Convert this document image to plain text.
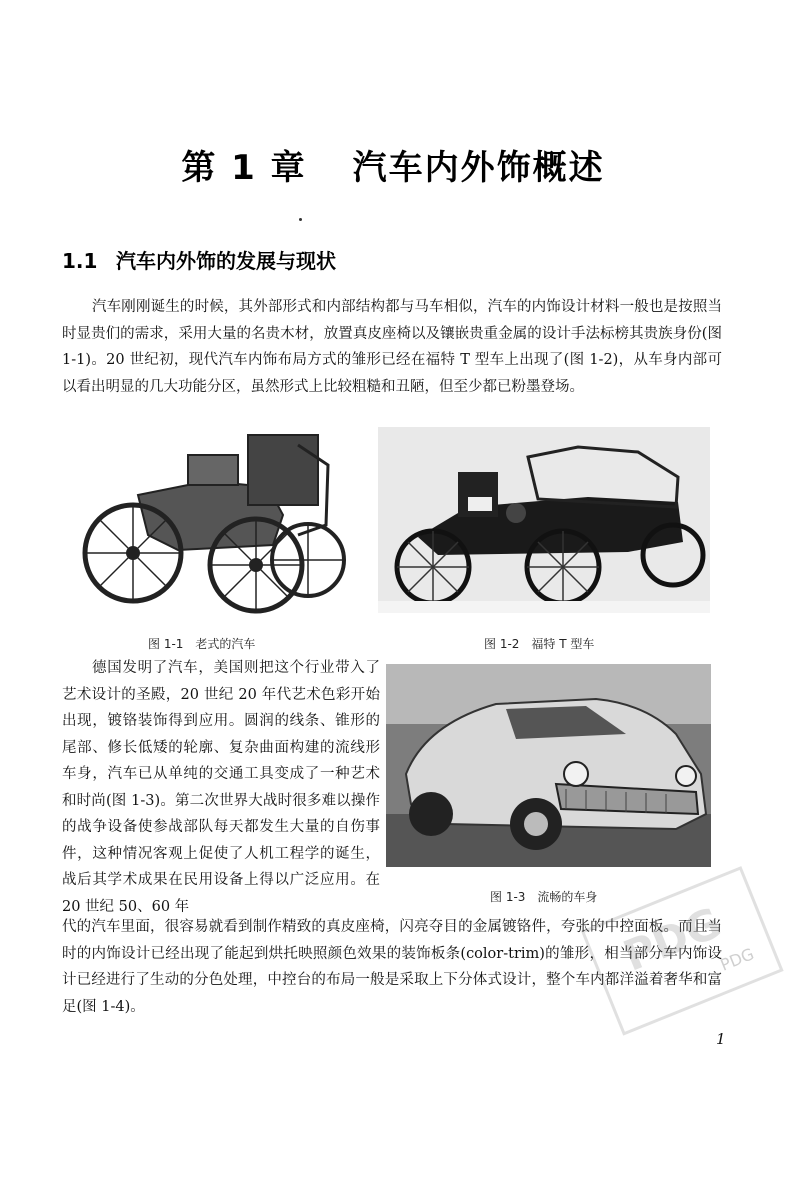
第 1 章 汽车内外饰概述
1.1 汽车内外饰的发展与现状
汽车刚刚诞生的时候，其外部形式和内部结构都与马车相似，汽车的内饰设计材料一般也是按照当时显贵们的需求，采用大量的名贵木材，放置真皮座椅以及镶嵌贵重金属的设计手法标榜其贵族身份(图 1-1)。20 世纪初，现代汽车内饰布局方式的雏形已经在福特 T 型车上出现了(图 1-2)，从车身内部可以看出明显的几大功能分区，虽然形式上比较粗糙和丑陋，但至少都已粉墨登场。
图 1-1　老式的汽车	图 1-2　福特 T 型车
德国发明了汽车，美国则把这个行业带入了艺术设计的圣殿，20 世纪 20 年代艺术色彩开始出现，镀铬装饰得到应用。圆润的线条、锥形的尾部、修长低矮的轮廓、复杂曲面构建的流线形车身，汽车已从单纯的交通工具变成了一种艺术和时尚(图 1-3)。第二次世界大战时很多难以操作的战争设备使参战部队每天都发生大量的自伤事件，这种情况客观上促使了人机工程学的诞生，战后其学术成果在民用设备上得以广泛应用。在 20 世纪 50、60 年
图 1-3　流畅的车身
代的汽车里面，很容易就看到制作精致的真皮座椅，闪亮夺目的金属镀铬件，夸张的中控面板。而且当时的内饰设计已经出现了能起到烘托映照颜色效果的装饰板条(color-trim)的雏形，相当部分车内饰设计已经进行了生动的分色处理，中控台的布局一般是采取上下分体式设计，整个车内都洋溢着奢华和富足(图 1-4)。
PDG
PDG
1
